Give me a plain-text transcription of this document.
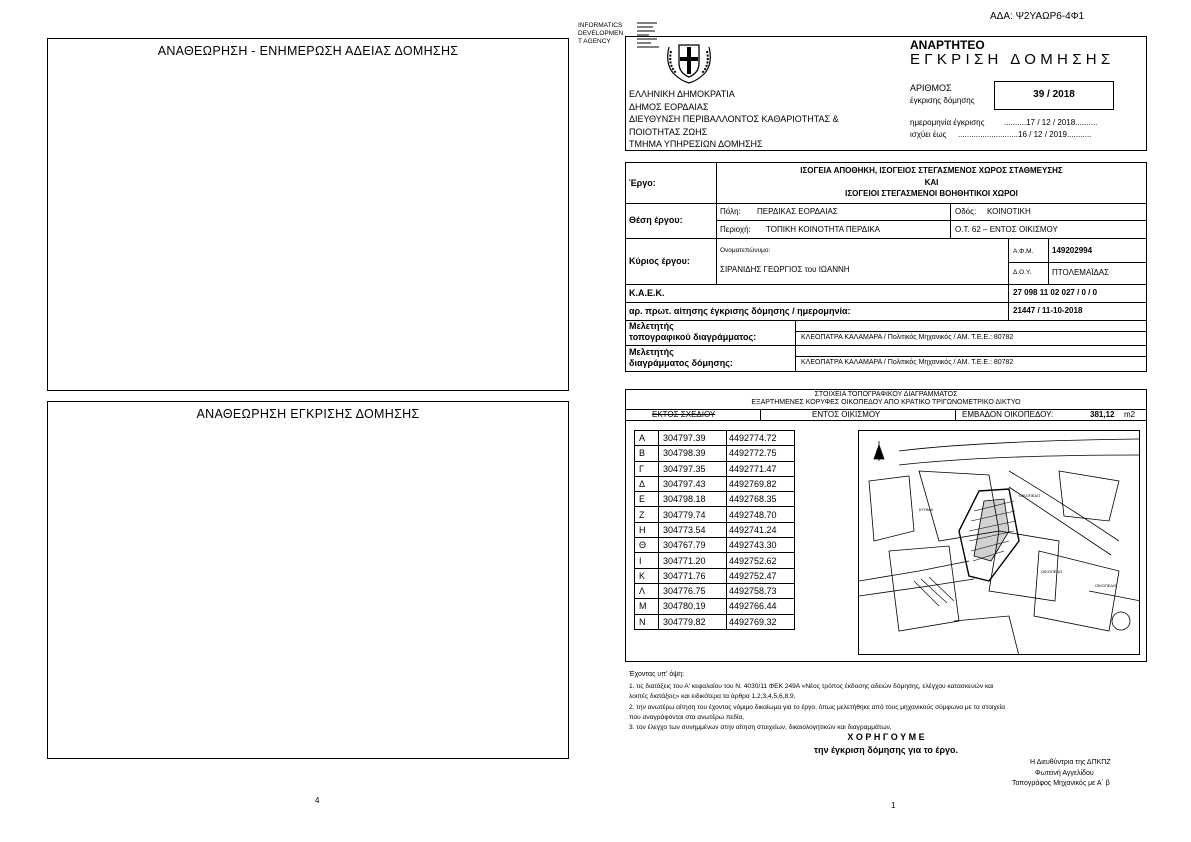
ΑΔΑ: Ψ2ΥΑΩΡ6-4Φ1
ΑΝΑΘΕΩΡΗΣΗ - ΕΝΗΜΕΡΩΣΗ ΑΔΕΙΑΣ ΔΟΜΗΣΗΣ
ΑΝΑΘΕΩΡΗΣΗ ΕΓΚΡΙΣΗΣ ΔΟΜΗΣΗΣ
4
INFORMATICS
DEVELOPMEN
T AGENCY
ΕΛΛΗΝΙΚΗ ΔΗΜΟΚΡΑΤΙΑ
ΔΗΜΟΣ ΕΟΡΔΑΙΑΣ
ΔΙΕΥΘΥΝΣΗ ΠΕΡΙΒΑΛΛΟΝΤΟΣ ΚΑΘΑΡΙΟΤΗΤΑΣ &
ΠΟΙΟΤΗΤΑΣ ΖΩΗΣ
ΤΜΗΜΑ ΥΠΗΡΕΣΙΩΝ ΔΟΜΗΣΗΣ
ΑΝΑΡΤΗΤΕΟ
ΕΓΚΡΙΣΗ ΔΟΜΗΣΗΣ
ΑΡΙΘΜΟΣ
έγκρισης δόμησης
39 / 2018
ημερομηνία έγκρισης ..........17 / 12 / 2018..........
ισχύει έως ...........................16 / 12 / 2019...........
Έργο:
ΙΣΟΓΕΙΑ ΑΠΟΘΗΚΗ, ΙΣΟΓΕΙΟΣ ΣΤΕΓΑΣΜΕΝΟΣ ΧΩΡΟΣ ΣΤΑΘΜΕΥΣΗΣ
ΚΑΙ
ΙΣΟΓΕΙΟΙ ΣΤΕΓΑΣΜΕΝΟΙ ΒΟΗΘΗΤΙΚΟΙ ΧΩΡΟΙ
Θέση έργου:
Πόλη: ΠΕΡΔΙΚΑΣ ΕΟΡΔΑΙΑΣ	Οδός: ΚΟΙΝΟΤΙΚΗ
Περιοχή: ΤΟΠΙΚΗ ΚΟΙΝΟΤΗΤΑ ΠΕΡΔΙΚΑ	Ο.Τ. 62 – ΕΝΤΟΣ ΟΙΚΙΣΜΟΥ
Κύριος έργου:
Ονοματεπώνυμο:
ΣΙΡΑΝΙΔΗΣ ΓΕΩΡΓΙΟΣ του ΙΩΑΝΝΗ
Α.Φ.Μ. 149202994
Δ.Ο.Υ.	ΠΤΟΛΕΜΑΪΔΑΣ
Κ.Α.Ε.Κ.	27 098 11 02 027 / 0 / 0
αρ. πρωτ. αίτησης έγκρισης δόμησης / ημερομηνία:	21447 / 11-10-2018
Μελετητής
τοπογραφικού διαγράμματος:	ΚΛΕΟΠΑΤΡΑ ΚΑΛΑΜΑΡΑ / Πολιτικός Μηχανικός / ΑΜ. Τ.Ε.Ε.: 80782
Μελετητής
διαγράμματος δόμησης:	ΚΛΕΟΠΑΤΡΑ ΚΑΛΑΜΑΡΑ / Πολιτικός Μηχανικός / ΑΜ. Τ.Ε.Ε.: 80782
ΣΤΟΙΧΕΙΑ ΤΟΠΟΓΡΑΦΙΚΟΥ ΔΙΑΓΡΑΜΜΑΤΟΣ
ΕΞΑΡΤΗΜΕΝΕΣ ΚΟΡΥΦΕΣ ΟΙΚΟΠΕΔΟΥ ΑΠΟ ΚΡΑΤΙΚΟ ΤΡΙΓΩΝΟΜΕΤΡΙΚΟ ΔΙΚΤΥΟ
ΕΚΤΟΣ ΣΧΕΔΙΟΥ	ΕΝΤΟΣ ΟΙΚΙΣΜΟΥ	ΕΜΒΑΔΟΝ ΟΙΚΟΠΕΔΟΥ:	381,12 m2
Α	304797.39	4492774.72
Β	304798.39	4492772.75
Γ	304797.35	4492771.47
Δ	304797.43	4492769.82
Ε	304798.18	4492768.35
Ζ	304779.74	4492748.70
Η	304773.54	4492741.24
Θ	304767.79	4492743.30
Ι	304771.20	4492752.62
Κ	304771.76	4492752.47
Λ	304776.75	4492758.73
Μ	304780.19	4492766.44
Ν	304779.82	4492769.32
ΟΙΚΟΠΕΔΟ
ΚΤΗΜΑ
ΟΙΚΟΠΕΔΟ
ΟΙΚΟΠΕΔΟ
Έχοντας υπ' όψη:
1. τις διατάξεις του Α' κεφαλαίου του Ν. 4030/11 ΦΕΚ 249Α «Νέος τρόπος έκδοσης αδειών δόμησης, ελέγχου κατασκευών και
λοιπές διατάξεις» και ειδικότερα τα άρθρα 1,2,3,4,5,6,8,9,
2. την ανωτέρω αίτηση του έχοντος νόμιμο δικαίωμα για το έργο, όπως μελετήθηκε από τους μηχανικούς σύμφωνα με τα στοιχεία
που αναγράφονται στα ανωτέρω πεδία,
3. τον έλεγχο των συνημμένων στην αίτηση στοιχείων, δικαιολογητικών και διαγραμμάτων,
Χ Ο Ρ Η Γ Ο Υ Μ Ε
την έγκριση δόμησης για το έργο.
Η Διευθύντρια της ΔΠΚΠΖ
Φωτεινή Αγγελίδου
Τοπογράφος Μηχανικός με Α΄ β
1
